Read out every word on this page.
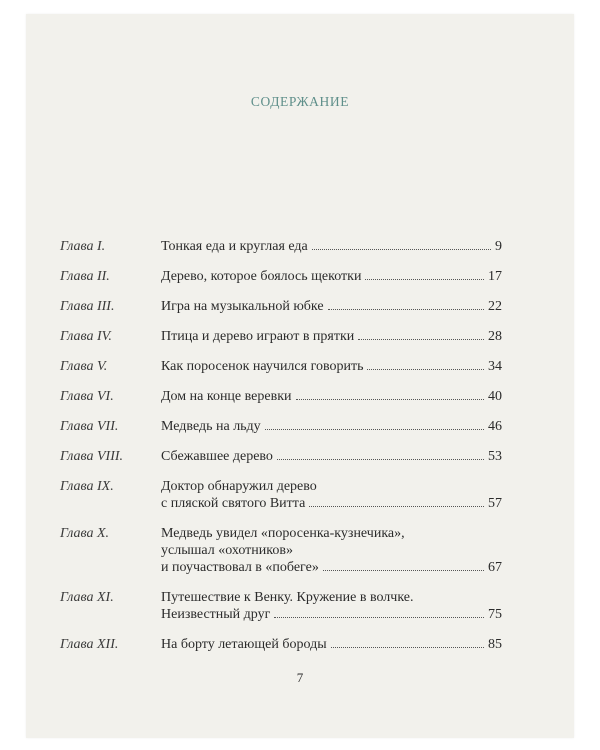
СОДЕРЖАНИЕ
Глава I.	Тонкая еда и круглая еда	9
Глава II.	Дерево, которое боялось щекотки	17
Глава III.	Игра на музыкальной юбке	22
Глава IV.	Птица и дерево играют в прятки	28
Глава V.	Как поросенок научился говорить	34
Глава VI.	Дом на конце веревки	40
Глава VII.	Медведь на льду	46
Глава VIII.	Сбежавшее дерево	53
Глава IX.	Доктор обнаружил дерево
с пляской святого Витта	57
Глава X.	Медведь увидел «поросенка-кузнечика»,
услышал «охотников»
и поучаствовал в «побеге»	67
Глава XI.	Путешествие к Венку. Кружение в волчке.
Неизвестный друг	75
Глава XII.	На борту летающей бороды	85
7
